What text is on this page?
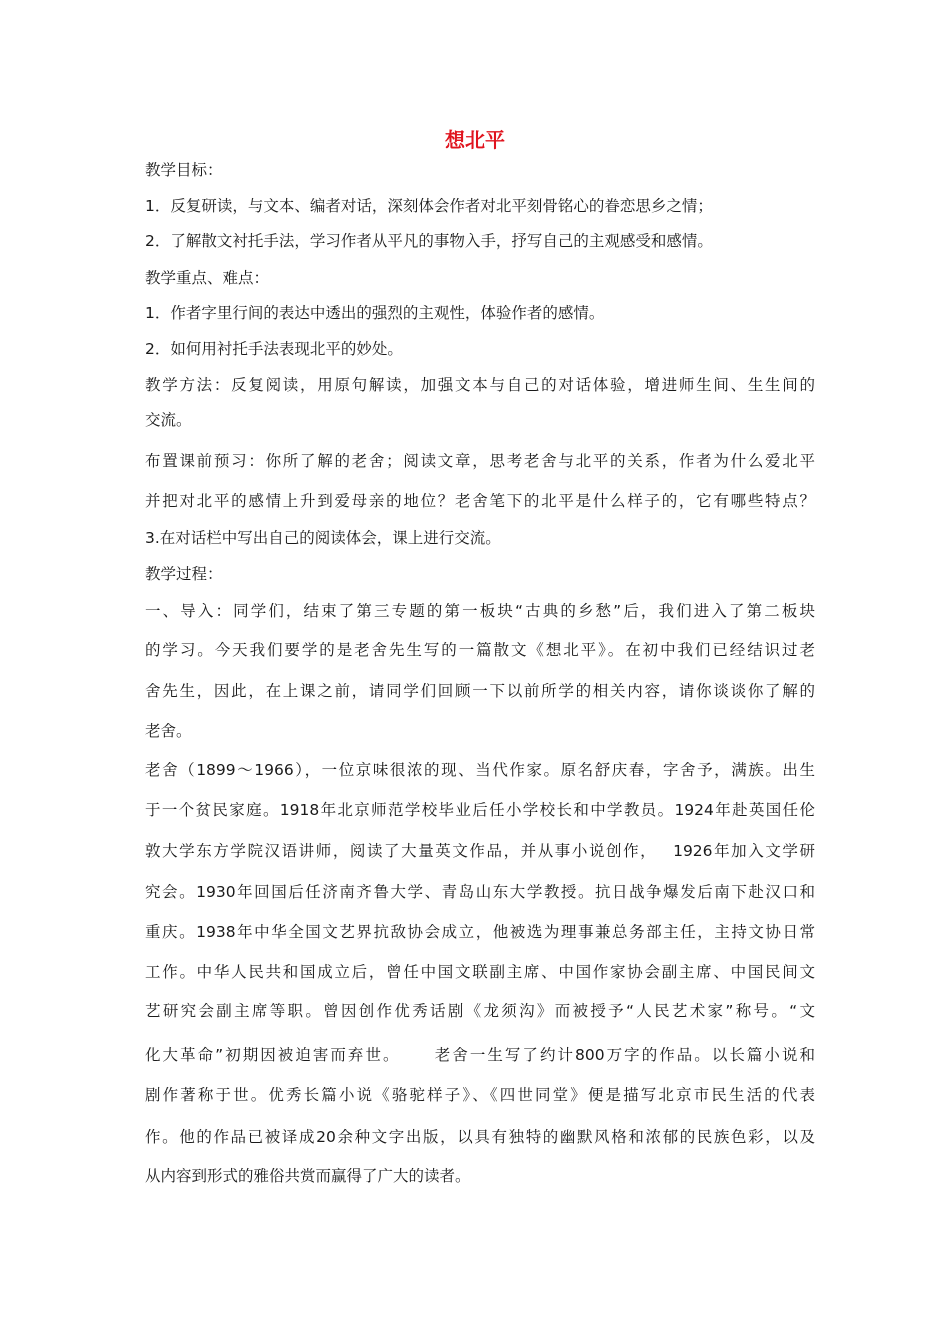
想北平
教学目标：
1．反复研读，与文本、编者对话，深刻体会作者对北平刻骨铭心的眷恋思乡之情；
2．了解散文衬托手法，学习作者从平凡的事物入手，抒写自己的主观感受和感情。
教学重点、难点：
1．作者字里行间的表达中透出的强烈的主观性，体验作者的感情。
2．如何用衬托手法表现北平的妙处。
教学方法：反复阅读，用原句解读，加强文本与自己的对话体验，增进师生间、生生间的
交流。
布置课前预习：你所了解的老舍；阅读文章，思考老舍与北平的关系，作者为什么爱北平
并把对北平的感情上升到爱母亲的地位？老舍笔下的北平是什么样子的，它有哪些特点？
3.在对话栏中写出自己的阅读体会，课上进行交流。
教学过程：
一、导入：同学们，结束了第三专题的第一板块“古典的乡愁”后，我们进入了第二板块
的学习。今天我们要学的是老舍先生写的一篇散文《想北平》。在初中我们已经结识过老
舍先生，因此，在上课之前，请同学们回顾一下以前所学的相关内容，请你谈谈你了解的
老舍。
老舍（1899～1966），一位京味很浓的现、当代作家。原名舒庆春，字舍予，满族。出生
于一个贫民家庭。1918年北京师范学校毕业后任小学校长和中学教员。1924年赴英国任伦
敦大学东方学院汉语讲师，阅读了大量英文作品，并从事小说创作，　 1926年加入文学研
究会。1930年回国后任济南齐鲁大学、青岛山东大学教授。抗日战争爆发后南下赴汉口和
重庆。1938年中华全国文艺界抗敌协会成立，他被选为理事兼总务部主任，主持文协日常
工作。中华人民共和国成立后，曾任中国文联副主席、中国作家协会副主席、中国民间文
艺研究会副主席等职。曾因创作优秀话剧《龙须沟》而被授予“人民艺术家”称号。“文
化大革命”初期因被迫害而弃世。　　 老舍一生写了约计800万字的作品。以长篇小说和
剧作著称于世。优秀长篇小说《骆驼样子》、《四世同堂》便是描写北京市民生活的代表
作。他的作品已被译成20余种文字出版，以具有独特的幽默风格和浓郁的民族色彩，以及
从内容到形式的雅俗共赏而赢得了广大的读者。
